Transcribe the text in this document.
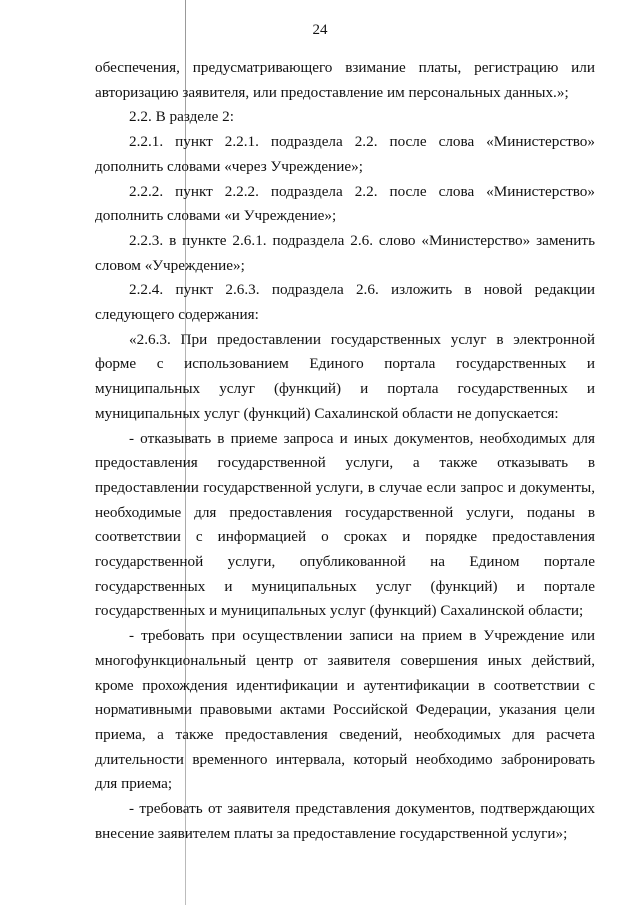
24

обеспечения, предусматривающего взимание платы, регистрацию или авторизацию заявителя, или предоставление им персональных данных.»;

2.2. В разделе 2:

2.2.1. пункт 2.2.1. подраздела 2.2. после слова «Министерство» дополнить словами «через Учреждение»;

2.2.2. пункт 2.2.2. подраздела 2.2. после слова «Министерство» дополнить словами «и Учреждение»;

2.2.3. в пункте 2.6.1. подраздела 2.6. слово «Министерство» заменить словом «Учреждение»;

2.2.4. пункт 2.6.3. подраздела 2.6. изложить в новой редакции следующего содержания:

«2.6.3. При предоставлении государственных услуг в электронной форме с использованием Единого портала государственных и муниципальных услуг (функций) и портала государственных и муниципальных услуг (функций) Сахалинской области не допускается:

- отказывать в приеме запроса и иных документов, необходимых для предоставления государственной услуги, а также отказывать в предоставлении государственной услуги, в случае если запрос и документы, необходимые для предоставления государственной услуги, поданы в соответствии с информацией о сроках и порядке предоставления государственной услуги, опубликованной на Едином портале государственных и муниципальных услуг (функций) и портале государственных и муниципальных услуг (функций) Сахалинской области;

- требовать при осуществлении записи на прием в Учреждение или многофункциональный центр от заявителя совершения иных действий, кроме прохождения идентификации и аутентификации в соответствии с нормативными правовыми актами Российской Федерации, указания цели приема, а также предоставления сведений, необходимых для расчета длительности временного интервала, который необходимо забронировать для приема;

- требовать от заявителя представления документов, подтверждающих внесение заявителем платы за предоставление государственной услуги»;
